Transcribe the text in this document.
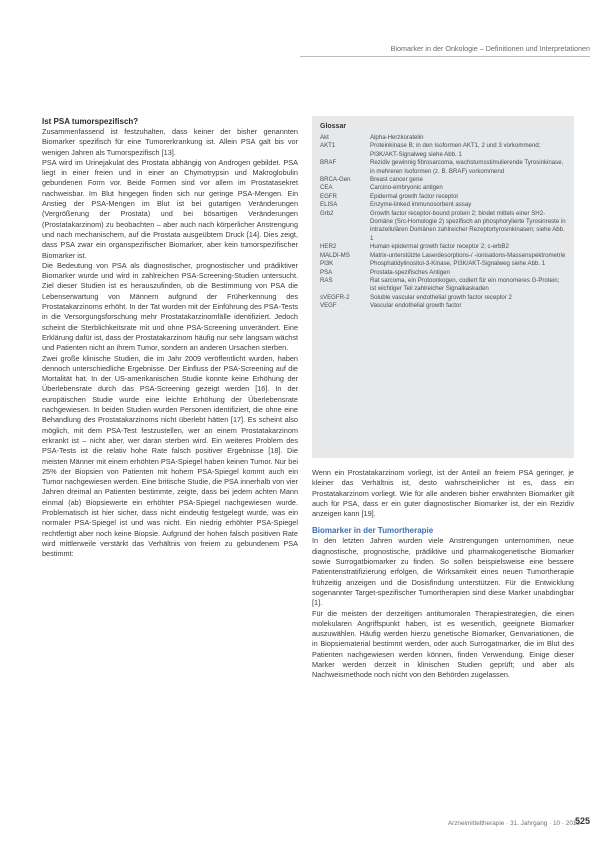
Biomarker in der Onkologie – Definitionen und Interpretationen
Ist PSA tumorspezifisch?

Zusammenfassend ist festzuhalten, dass keiner der bisher genannten Biomarker spezifisch für eine Tumorerkrankung ist. Allein PSA galt bis vor wenigen Jahren als Tumorspezifisch [13].

PSA wird im Urinejakulat des Prostata abhängig von Androgen gebildet. PSA liegt in einer freien und in einer an Chymotrypsin und Makroglobulin gebundenen Form vor. Beide Formen sind vor allem im Prostatasekret nachweisbar. Im Blut hingegen finden sich nur geringe PSA-Mengen. Ein Anstieg der PSA-Mengen im Blut ist bei gutartigen Veränderungen (Vergrößerung der Prostata) und bei bösartigen Veränderungen (Prostatakarzinom) zu beobachten – aber auch nach körperlicher Anstrengung und nach mechanischem, auf die Prostata ausgeübtem Druck [14]. Dies zeigt, dass PSA zwar ein organspezifischer Biomarker, aber kein tumorspezifischer Biomarker ist.

Die Bedeutung von PSA als diagnostischer, prognostischer und prädiktiver Biomarker wurde und wird in zahlreichen PSA-Screening-Studien untersucht. Ziel dieser Studien ist es herauszufinden, ob die Bestimmung von PSA die Lebenserwartung von Männern aufgrund der Früherkennung des Prostatakarzinoms erhöht. In der Tat wurden mit der Einführung des PSA-Tests in die Versorgungsforschung mehr Prostatakarzinomfälle identifiziert. Jedoch scheint die Sterblichkeitsrate mit und ohne PSA-Screening unverändert. Eine Erklärung dafür ist, dass der Prostatakarzinom häufig nur sehr langsam wächst und Patienten nicht an ihrem Tumor, sondern an anderen Ursachen sterben.

Zwei große klinische Studien, die im Jahr 2009 veröffentlicht wurden, haben dennoch unterschiedliche Ergebnisse. Der Einfluss der PSA-Screening auf die Mortalität hat. In der US-amerikanischen Studie konnte keine Erhöhung der Überlebensrate durch das PSA-Screening gezeigt werden [16]. In der europäischen Studie wurde eine leichte Erhöhung der Überlebensrate nachgewiesen. In beiden Studien wurden Personen identifiziert, die ohne eine Behandlung des Prostatakarzinoms nicht überlebt hätten [17]. Es scheint also möglich, mit dem PSA-Test festzustellen, wer an einem Prostatakarzinom erkrankt ist – nicht aber, wer daran sterben wird. Ein weiteres Problem des PSA-Tests ist die relativ hohe Rate falsch positiver Ergebnisse [18]. Die meisten Männer mit einem erhöhten PSA-Spiegel haben keinen Tumor. Nur bei 25% der Biopsien von Patienten mit hohem PSA-Spiegel kommt auch ein Tumor nachgewiesen werden. Eine britische Studie, die PSA innerhalb von vier Jahren dreimal an Patienten bestimmte, zeigte, dass bei jedem achten Mann einmal (ab) Biopsiewerte ein erhöhter PSA-Spiegel nachgewiesen wurde. Problematisch ist hier sicher, dass nicht eindeutig festgelegt wurde, was ein normaler PSA-Spiegel ist und was nicht. Ein niedrig erhöhter PSA-Spiegel rechtfertigt aber noch keine Biopsie. Aufgrund der hohen falsch positiven Rate wird mittlerweile verstärkt das Verhältnis von freiem zu gebundenem PSA bestimmt:

Glossar
Akt	Alpha-Herzkoratelin
AKT1	Proteinkinase B; in den Isoformen AKT1, 2 und 3 vorkommend; PI3K/AKT-Signalweg siehe Abb. 1
BRAF	Rezidiv gewinnig fibrosarcoma, wachstumsstimulierende Tyrosinkinase, in mehreren Isoformen (z. B. BRAF) vorkommend
BRCA-Gen	Breast cancer gene
CEA	Carcino-embryonic antigen
EGFR	Epidermal growth factor receptor
ELISA	Enzyme-linked immunosorbent assay
Grb2	Growth factor receptor-bound protein 2; bindet mittels einer SH2-Domäne (Src-Homologie 2) spezifisch an phosphorylierte Tyrosinreste in intrazellulären Domänen zahlreicher Rezeptortyrosinkinasen; siehe Abb. 1
HER2	Human epidermal growth factor receptor 2; c-erbB2
MALDI-MS	Matrix-unterstützte Laserdesorptions-/ -ionisations-Massenspektrometrie
PI3K	Phosphatidylinositol-3-Kinase, PI3K/AKT-Signalweg siehe Abb. 1
PSA	Prostata-spezifisches Antigen
RAS	Rat sarcoma, ein Protoonkogen, codiert für ein monomeres G-Protein; ist wichtiger Teil zahlreicher Signalkaskaden
sVEGFR-2	Soluble vascular endothelial growth factor receptor 2
VEGF	Vascular endothelial growth factor

Wenn ein Prostatakarzinom vorliegt, ist der Anteil an freiem PSA geringer, je kleiner das Verhältnis ist, desto wahrscheinlicher ist es, dass ein Prostatakarzinom vorliegt. Wie für alle anderen bisher erwähnten Biomarker gilt auch für PSA, dass er ein guter diagnostischer Biomarker ist, der ein Rezidiv anzeigen kann [19].

Biomarker in der Tumortherapie

In den letzten Jahren wurden viele Anstrengungen unternommen, neue diagnostische, prognostische, prädiktive und pharmakogenetische Biomarker sowie Surrogatbiomarker zu finden. So sollen beispielsweise eine bessere Patientenstratifizierung erfolgen, die Wirksamkeit eines neuen Tumortherapie frühzeitig anzeigen und die Dosisfindung unterstützen. Für die Entwicklung sogenannter Target-spezifischer Tumortherapien sind diese Marker unabdingbar [1].

Für die meisten der derzeitigen antitumoralen Therapiestrategien, die einen molekularen Angriffspunkt haben, ist es wesentlich, geeignete Biomarker auszuwählen. Häufig werden hierzu genetische Biomarker, Genvariationen, die in Biopsiematerial bestimmt werden, oder auch Surrogatmarker, die im Blut des Patienten nachgewiesen werden können, finden Verwendung. Einige dieser Marker werden derzeit in klinischen Studien geprüft; und aber als Nachweismethode noch nicht von den Behörden zugelassen.

Arzneimitteltherapie · 31. Jahrgang · 10 · 2013
525
